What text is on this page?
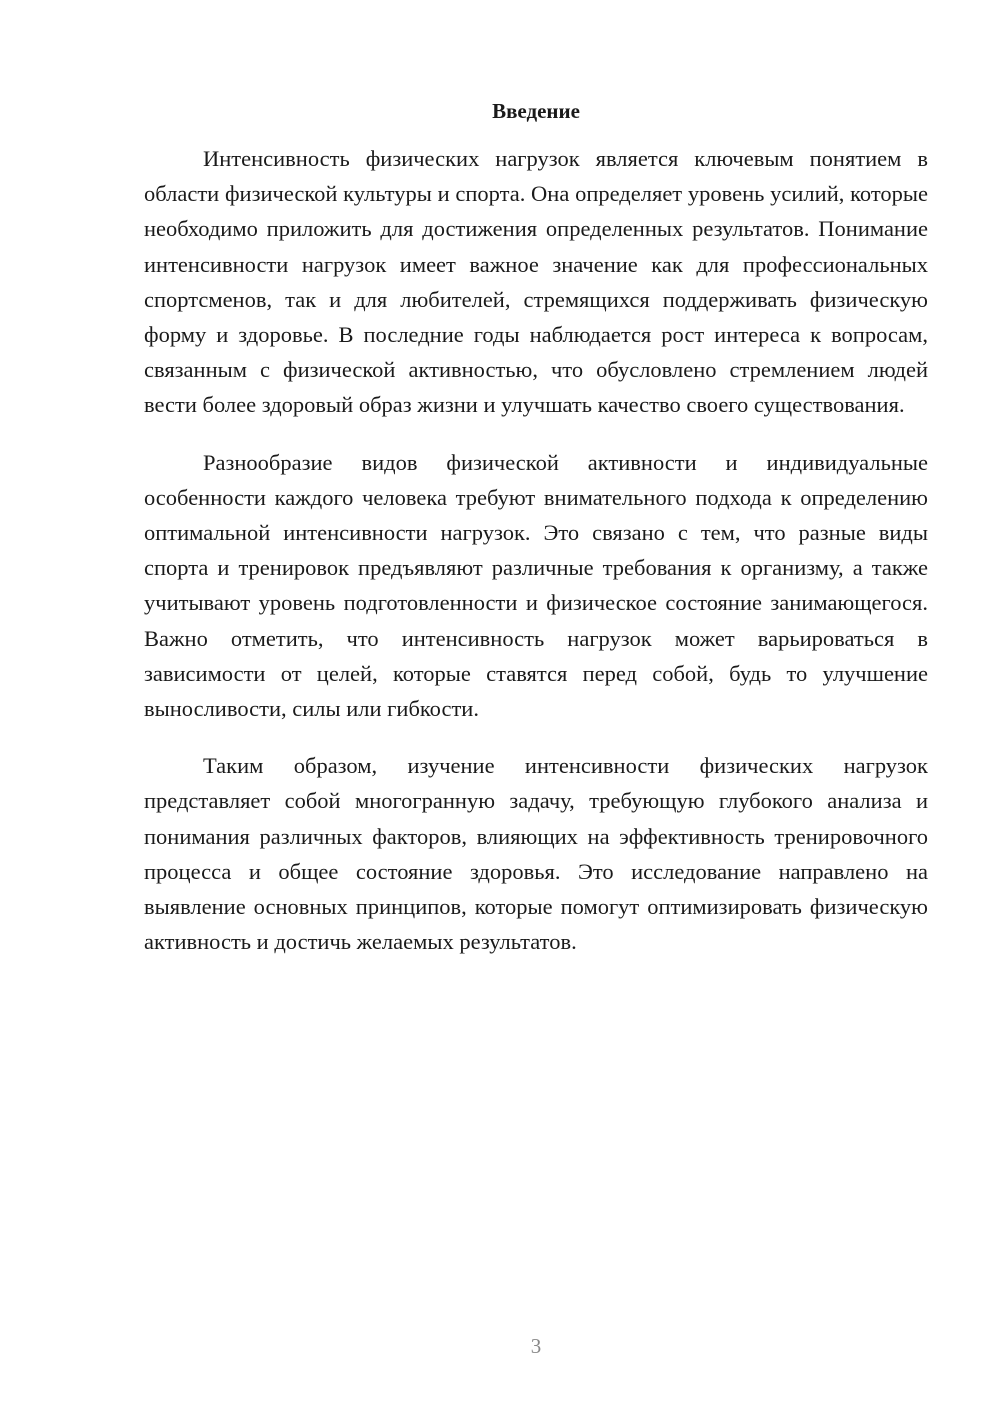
Введение

Интенсивность физических нагрузок является ключевым понятием в области физической культуры и спорта. Она определяет уровень усилий, которые необходимо приложить для достижения определенных результатов. Понимание интенсивности нагрузок имеет важное значение как для профессиональных спортсменов, так и для любителей, стремящихся поддерживать физическую форму и здоровье. В последние годы наблюдается рост интереса к вопросам, связанным с физической активностью, что обусловлено стремлением людей вести более здоровый образ жизни и улучшать качество своего существования.

Разнообразие видов физической активности и индивидуальные особенности каждого человека требуют внимательного подхода к определению оптимальной интенсивности нагрузок. Это связано с тем, что разные виды спорта и тренировок предъявляют различные требования к организму, а также учитывают уровень подготовленности и физическое состояние занимающегося. Важно отметить, что интенсивность нагрузок может варьироваться в зависимости от целей, которые ставятся перед собой, будь то улучшение выносливости, силы или гибкости.

Таким образом, изучение интенсивности физических нагрузок представляет собой многогранную задачу, требующую глубокого анализа и понимания различных факторов, влияющих на эффективность тренировочного процесса и общее состояние здоровья. Это исследование направлено на выявление основных принципов, которые помогут оптимизировать физическую активность и достичь желаемых результатов.

3
